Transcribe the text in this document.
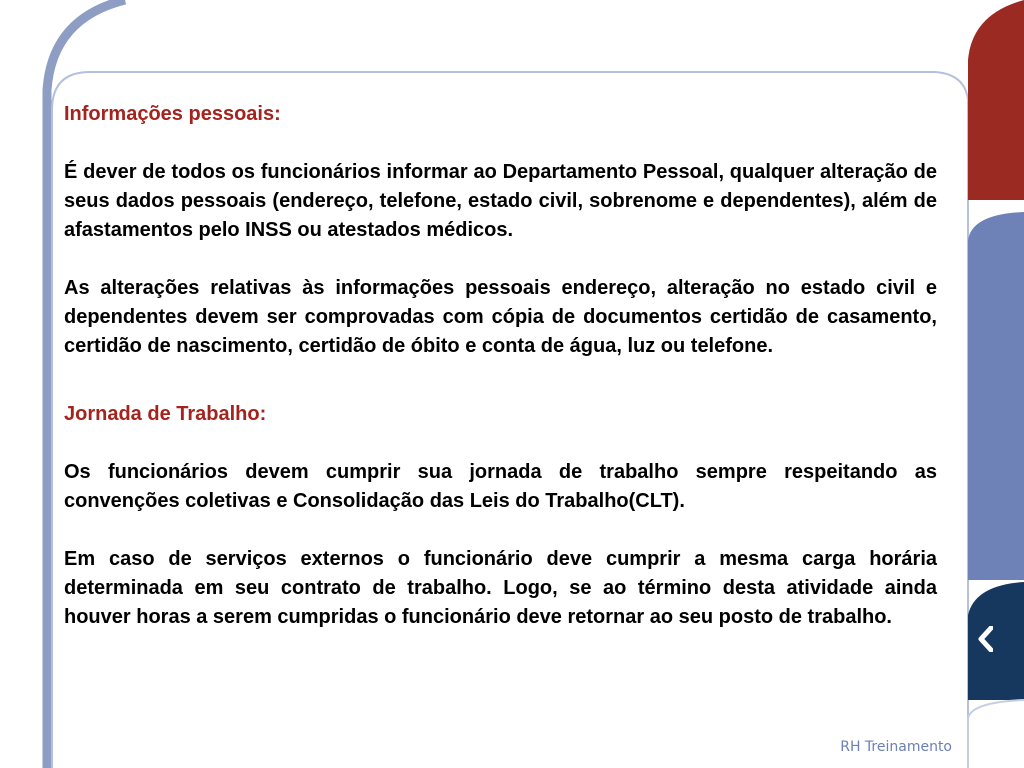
Informações pessoais:

É dever de todos os funcionários informar ao Departamento Pessoal, qualquer alteração de seus dados pessoais (endereço, telefone, estado civil, sobrenome e dependentes), além de afastamentos pelo INSS ou atestados médicos.

As alterações relativas às informações pessoais endereço, alteração no estado civil e dependentes devem ser comprovadas com cópia de documentos certidão de casamento, certidão de nascimento, certidão de óbito e conta de água, luz ou telefone.

Jornada de Trabalho:

Os funcionários devem cumprir sua jornada de trabalho sempre respeitando as convenções coletivas e Consolidação das Leis do Trabalho(CLT).

Em caso de serviços externos o funcionário deve cumprir a mesma carga horária determinada em seu contrato de trabalho. Logo, se ao término desta atividade ainda houver horas a serem cumpridas o funcionário deve retornar ao seu posto de trabalho.

RH Treinamento
